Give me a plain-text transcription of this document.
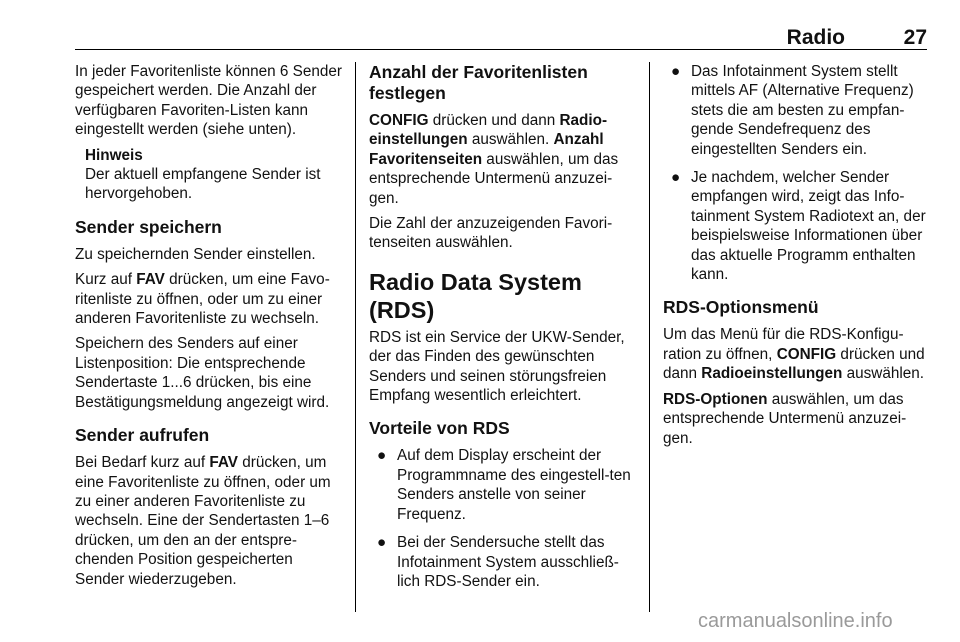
Radio	27

In jeder Favoritenliste können 6 Sender gespeichert werden. Die Anzahl der verfügbaren Favoriten-Listen kann eingestellt werden (siehe unten).

Hinweis
Der aktuell empfangene Sender ist hervorgehoben.
Sender speichern

Zu speichernden Sender einstellen.

Kurz auf FAV drücken, um eine Favo-ritenliste zu öffnen, oder um zu einer anderen Favoritenliste zu wechseln.

Speichern des Senders auf einer Listenposition: Die entsprechende Sendertaste 1...6 drücken, bis eine Bestätigungsmeldung angezeigt wird.

Sender aufrufen

Bei Bedarf kurz auf FAV drücken, um eine Favoritenliste zu öffnen, oder um zu einer anderen Favoritenliste zu wechseln. Eine der Sendertasten 1–6 drücken, um den an der entspre-chenden Position gespeicherten Sender wiederzugeben.

Anzahl der Favoritenlisten festlegen

CONFIG drücken und dann Radio-einstellungen auswählen. Anzahl Favoritenseiten auswählen, um das entsprechende Untermenü anzuzei-gen.

Die Zahl der anzuzeigenden Favori-tenseiten auswählen.

Radio Data System (RDS)

RDS ist ein Service der UKW-Sender, der das Finden des gewünschten Senders und seinen störungsfreien Empfang wesentlich erleichtert.

Vorteile von RDS
● Auf dem Display erscheint der Programmname des eingestell-ten Senders anstelle von seiner Frequenz.
● Bei der Sendersuche stellt das Infotainment System ausschließ-lich RDS-Sender ein.
● Das Infotainment System stellt mittels AF (Alternative Frequenz) stets die am besten zu empfan-gende Sendefrequenz des eingestellten Senders ein.
● Je nachdem, welcher Sender empfangen wird, zeigt das Info-tainment System Radiotext an, der beispielsweise Informationen über das aktuelle Programm enthalten kann.
RDS-Optionsmenü

Um das Menü für die RDS-Konfigu-ration zu öffnen, CONFIG drücken und dann Radioeinstellungen auswählen.

RDS-Optionen auswählen, um das entsprechende Untermenü anzuzei-gen.

carmanualsonline.info
